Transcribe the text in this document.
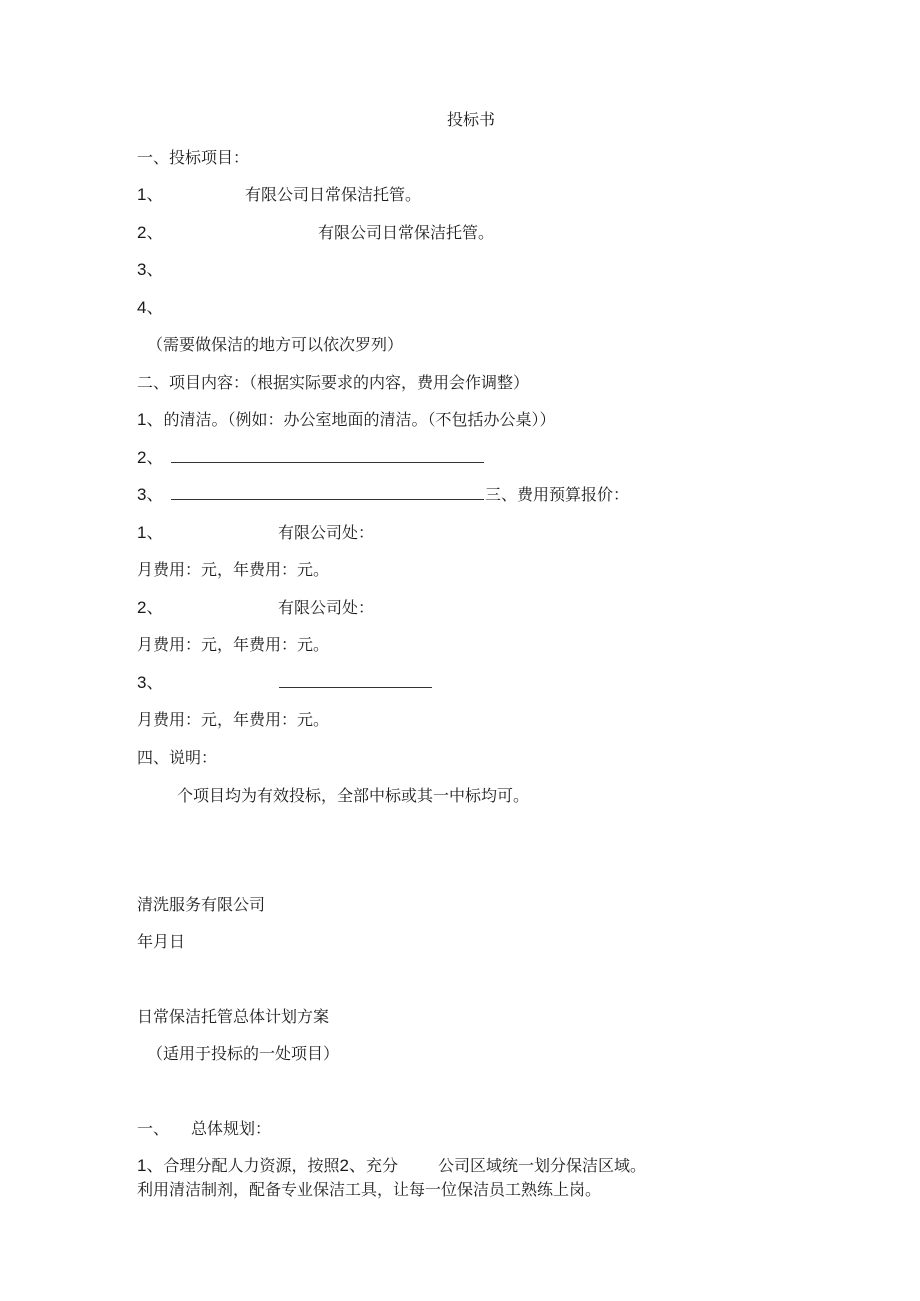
投标书
一、投标项目：
1、	有限公司日常保洁托管。
2、	有限公司日常保洁托管。
3、
4、
（需要做保洁的地方可以依次罗列）
二、项目内容：（根据实际要求的内容，费用会作调整）
1、的清洁。（例如：办公室地面的清洁。（不包括办公桌））
2、
3、	三、费用预算报价：
1、	有限公司处：
月费用：元，年费用：元。
2、	有限公司处：
月费用：元，年费用：元。
3、
月费用：元，年费用：元。
四、说明：
个项目均为有效投标，全部中标或其一中标均可。
清洗服务有限公司
年月日
日常保洁托管总体计划方案
（适用于投标的一处项目）
一、 总体规划：
1、合理分配人力资源，按照2、充分	公司区域统一划分保洁区域。
利用清洁制剂，配备专业保洁工具，让每一位保洁员工熟练上岗。
